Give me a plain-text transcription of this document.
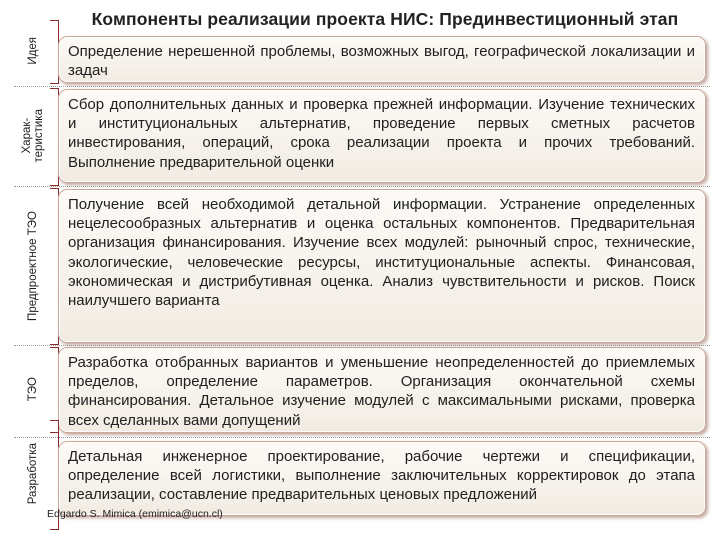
Компоненты реализации проекта НИС: Прединвестиционный этап
Идея Определение нерешенной проблемы, возможных выгод, географической локализации и задач

Харак-
теристика

Сбор дополнительных данных и проверка прежней информации. Изучение технических и институциональных альтернатив, проведение первых сметных расчетов инвестирования, операций, срока реализации проекта и прочих требований. Выполнение предварительной оценки

Предпроектное ТЭО

Получение всей необходимой детальной информации. Устранение определенных нецелесообразных альтернатив и оценка остальных компонентов. Предварительная организация финансирования. Изучение всех модулей: рыночный спрос, технические, экологические, человеческие ресурсы, институциональные аспекты. Финансовая, экономическая и дистрибутивная оценка. Анализ чувствительности и рисков. Поиск наилучшего варианта

ТЭО

Разработка отобранных вариантов и уменьшение неопределенностей до приемлемых пределов, определение параметров. Организация окончательной схемы финансирования. Детальное изучение модулей с максимальными рисками, проверка всех сделанных вами допущений

Разработка Детальная инженерное проектирование, рабочие чертежи и спецификации, определение всей логистики, выполнение заключительных корректировок до этапа реализации, составление предварительных ценовых предложений

Edgardo S. Mimica (emimica@ucn.cl)
